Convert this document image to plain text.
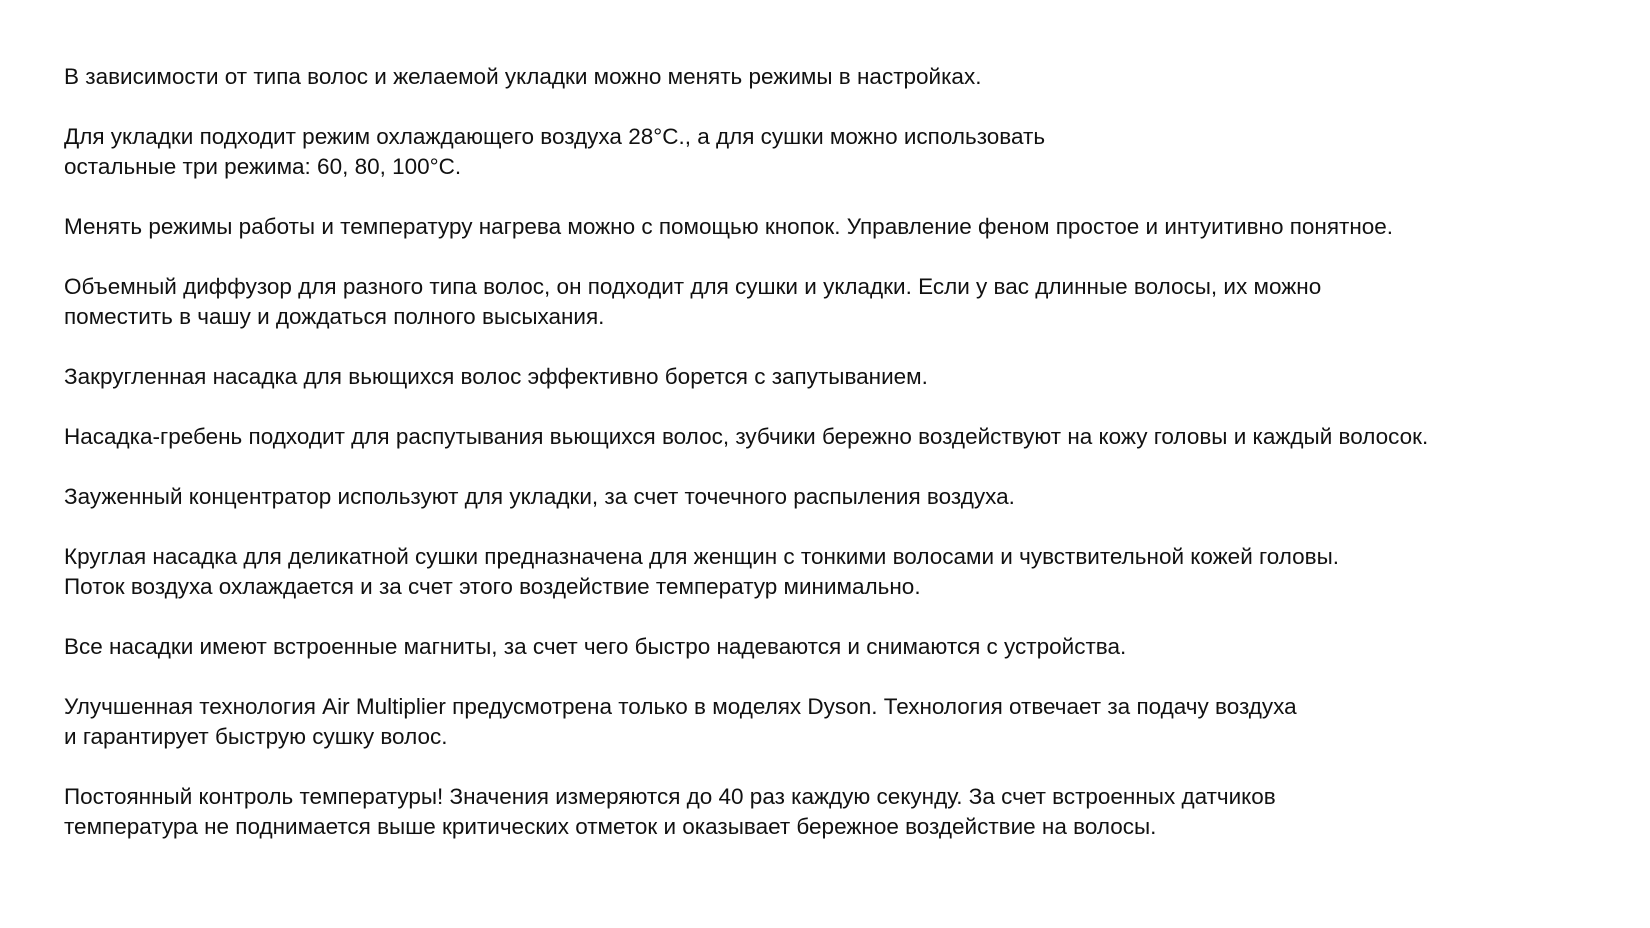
В зависимости от типа волос и желаемой укладки можно менять режимы в настройках.

Для укладки подходит режим охлаждающего воздуха 28°С., а для сушки можно использовать
остальные три режима: 60, 80, 100°С.

Менять режимы работы и температуру нагрева можно с помощью кнопок. Управление феном простое и интуитивно понятное.

Объемный диффузор для разного типа волос, он подходит для сушки и укладки. Если у вас длинные волосы, их можно
поместить в чашу и дождаться полного высыхания.

Закругленная насадка для вьющихся волос эффективно борется с запутыванием.

Насадка-гребень подходит для распутывания вьющихся волос, зубчики бережно воздействуют на кожу головы и каждый волосок.

Зауженный концентратор используют для укладки, за счет точечного распыления воздуха.

Круглая насадка для деликатной сушки предназначена для женщин с тонкими волосами и чувствительной кожей головы.
Поток воздуха охлаждается и за счет этого воздействие температур минимально.

Все насадки имеют встроенные магниты, за счет чего быстро надеваются и снимаются с устройства.

Улучшенная технология Air Multiplier предусмотрена только в моделях Dyson. Технология отвечает за подачу воздуха
и гарантирует быструю сушку волос.

Постоянный контроль температуры! Значения измеряются до 40 раз каждую секунду. За счет встроенных датчиков
температура не поднимается выше критических отметок и оказывает бережное воздействие на волосы.
